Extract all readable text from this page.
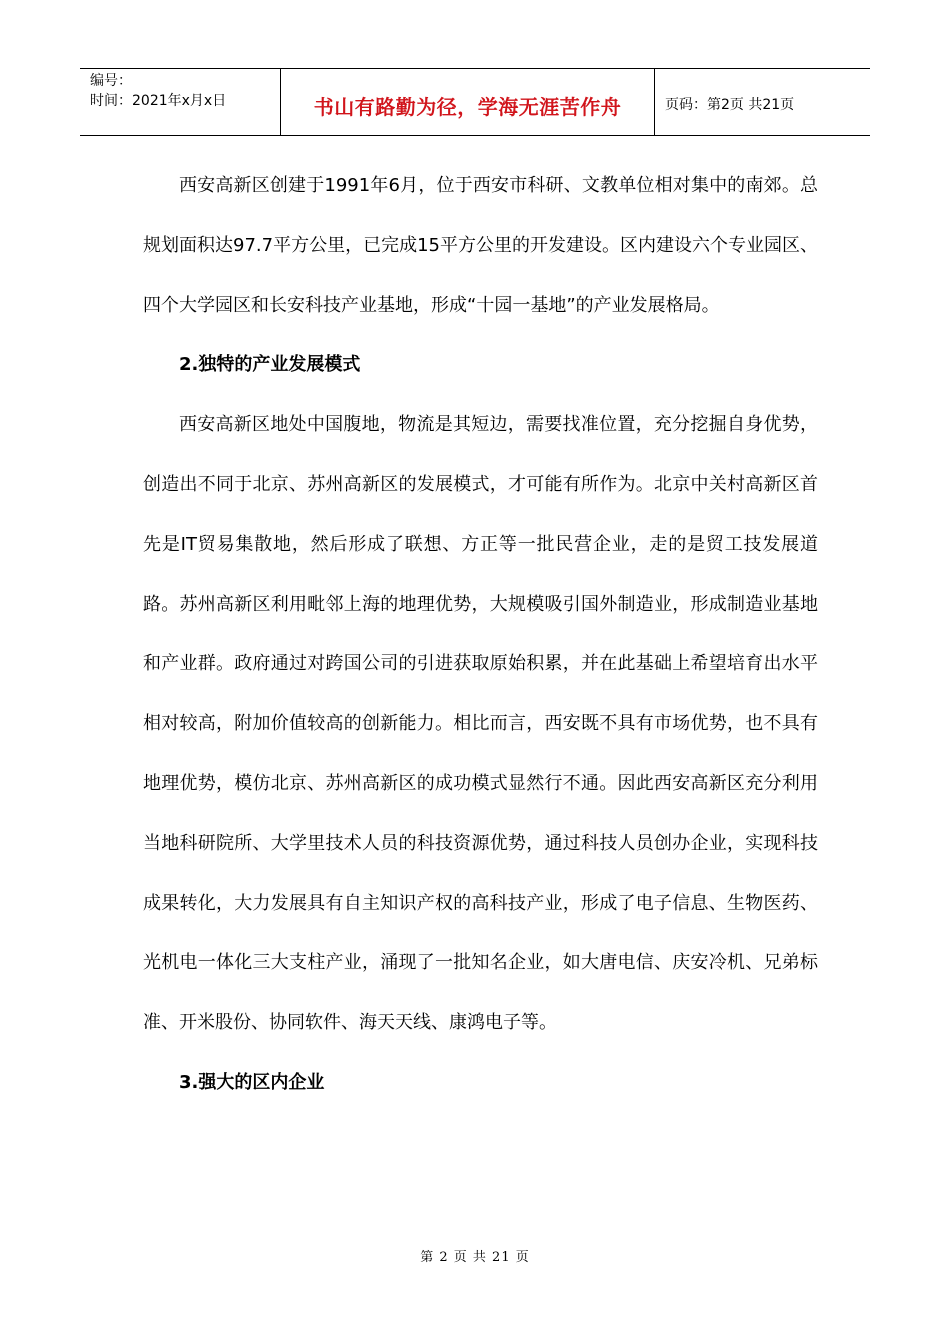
编号：
时间：2021年x月x日	书山有路勤为径，学海无涯苦作舟	页码：第2页 共21页

西安高新区创建于1991年6月，位于西安市科研、文教单位相对集中的南郊。总规划面积达97.7平方公里，已完成15平方公里的开发建设。区内建设六个专业园区、四个大学园区和长安科技产业基地，形成“十园一基地”的产业发展格局。

2.独特的产业发展模式

西安高新区地处中国腹地，物流是其短边，需要找准位置，充分挖掘自身优势，创造出不同于北京、苏州高新区的发展模式，才可能有所作为。北京中关村高新区首先是IT贸易集散地，然后形成了联想、方正等一批民营企业，走的是贸工技发展道路。苏州高新区利用毗邻上海的地理优势，大规模吸引国外制造业，形成制造业基地和产业群。政府通过对跨国公司的引进获取原始积累，并在此基础上希望培育出水平相对较高，附加价值较高的创新能力。相比而言，西安既不具有市场优势，也不具有地理优势，模仿北京、苏州高新区的成功模式显然行不通。因此西安高新区充分利用当地科研院所、大学里技术人员的科技资源优势，通过科技人员创办企业，实现科技成果转化，大力发展具有自主知识产权的高科技产业，形成了电子信息、生物医药、光机电一体化三大支柱产业，涌现了一批知名企业，如大唐电信、庆安冷机、兄弟标准、开米股份、协同软件、海天天线、康鸿电子等。

3.强大的区内企业

第 2 页 共 21 页
